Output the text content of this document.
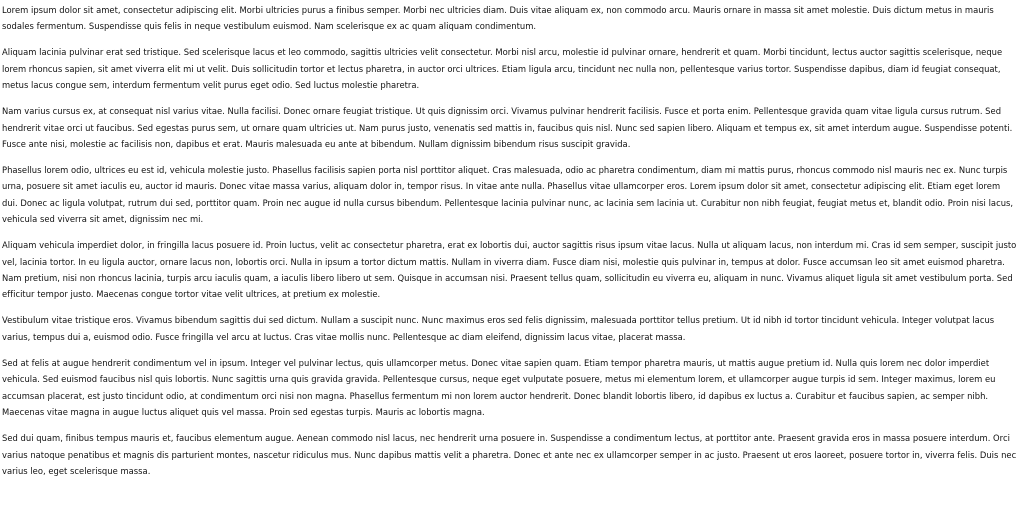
Lorem ipsum dolor sit amet, consectetur adipiscing elit. Morbi ultricies purus a finibus semper. Morbi nec ultricies diam. Duis vitae aliquam ex, non commodo arcu. Mauris ornare in massa sit amet molestie. Duis dictum metus in mauris sodales fermentum. Suspendisse quis felis in neque vestibulum euismod. Nam scelerisque ex ac quam aliquam condimentum.

Aliquam lacinia pulvinar erat sed tristique. Sed scelerisque lacus et leo commodo, sagittis ultricies velit consectetur. Morbi nisl arcu, molestie id pulvinar ornare, hendrerit et quam. Morbi tincidunt, lectus auctor sagittis scelerisque, neque lorem rhoncus sapien, sit amet viverra elit mi ut velit. Duis sollicitudin tortor et lectus pharetra, in auctor orci ultrices. Etiam ligula arcu, tincidunt nec nulla non, pellentesque varius tortor. Suspendisse dapibus, diam id feugiat consequat, metus lacus congue sem, interdum fermentum velit purus eget odio. Sed luctus molestie pharetra.

Nam varius cursus ex, at consequat nisl varius vitae. Nulla facilisi. Donec ornare feugiat tristique. Ut quis dignissim orci. Vivamus pulvinar hendrerit facilisis. Fusce et porta enim. Pellentesque gravida quam vitae ligula cursus rutrum. Sed hendrerit vitae orci ut faucibus. Sed egestas purus sem, ut ornare quam ultricies ut. Nam purus justo, venenatis sed mattis in, faucibus quis nisl. Nunc sed sapien libero. Aliquam et tempus ex, sit amet interdum augue. Suspendisse potenti. Fusce ante nisi, molestie ac facilisis non, dapibus et erat. Mauris malesuada eu ante at bibendum. Nullam dignissim bibendum risus suscipit gravida.

Phasellus lorem odio, ultrices eu est id, vehicula molestie justo. Phasellus facilisis sapien porta nisl porttitor aliquet. Cras malesuada, odio ac pharetra condimentum, diam mi mattis purus, rhoncus commodo nisl mauris nec ex. Nunc turpis urna, posuere sit amet iaculis eu, auctor id mauris. Donec vitae massa varius, aliquam dolor in, tempor risus. In vitae ante nulla. Phasellus vitae ullamcorper eros. Lorem ipsum dolor sit amet, consectetur adipiscing elit. Etiam eget lorem dui. Donec ac ligula volutpat, rutrum dui sed, porttitor quam. Proin nec augue id nulla cursus bibendum. Pellentesque lacinia pulvinar nunc, ac lacinia sem lacinia ut. Curabitur non nibh feugiat, feugiat metus et, blandit odio. Proin nisi lacus, vehicula sed viverra sit amet, dignissim nec mi.

Aliquam vehicula imperdiet dolor, in fringilla lacus posuere id. Proin luctus, velit ac consectetur pharetra, erat ex lobortis dui, auctor sagittis risus ipsum vitae lacus. Nulla ut aliquam lacus, non interdum mi. Cras id sem semper, suscipit justo vel, lacinia tortor. In eu ligula auctor, ornare lacus non, lobortis orci. Nulla in ipsum a tortor dictum mattis. Nullam in viverra diam. Fusce diam nisi, molestie quis pulvinar in, tempus at dolor. Fusce accumsan leo sit amet euismod pharetra. Nam pretium, nisi non rhoncus lacinia, turpis arcu iaculis quam, a iaculis libero libero ut sem. Quisque in accumsan nisi. Praesent tellus quam, sollicitudin eu viverra eu, aliquam in nunc. Vivamus aliquet ligula sit amet vestibulum porta. Sed efficitur tempor justo. Maecenas congue tortor vitae velit ultrices, at pretium ex molestie.

Vestibulum vitae tristique eros. Vivamus bibendum sagittis dui sed dictum. Nullam a suscipit nunc. Nunc maximus eros sed felis dignissim, malesuada porttitor tellus pretium. Ut id nibh id tortor tincidunt vehicula. Integer volutpat lacus varius, tempus dui a, euismod odio. Fusce fringilla vel arcu at luctus. Cras vitae mollis nunc. Pellentesque ac diam eleifend, dignissim lacus vitae, placerat massa.

Sed at felis at augue hendrerit condimentum vel in ipsum. Integer vel pulvinar lectus, quis ullamcorper metus. Donec vitae sapien quam. Etiam tempor pharetra mauris, ut mattis augue pretium id. Nulla quis lorem nec dolor imperdiet vehicula. Sed euismod faucibus nisl quis lobortis. Nunc sagittis urna quis gravida gravida. Pellentesque cursus, neque eget vulputate posuere, metus mi elementum lorem, et ullamcorper augue turpis id sem. Integer maximus, lorem eu accumsan placerat, est justo tincidunt odio, at condimentum orci nisi non magna. Phasellus fermentum mi non lorem auctor hendrerit. Donec blandit lobortis libero, id dapibus ex luctus a. Curabitur et faucibus sapien, ac semper nibh. Maecenas vitae magna in augue luctus aliquet quis vel massa. Proin sed egestas turpis. Mauris ac lobortis magna.

Sed dui quam, finibus tempus mauris et, faucibus elementum augue. Aenean commodo nisl lacus, nec hendrerit urna posuere in. Suspendisse a condimentum lectus, at porttitor ante. Praesent gravida eros in massa posuere interdum. Orci varius natoque penatibus et magnis dis parturient montes, nascetur ridiculus mus. Nunc dapibus mattis velit a pharetra. Donec et ante nec ex ullamcorper semper in ac justo. Praesent ut eros laoreet, posuere tortor in, viverra felis. Duis nec varius leo, eget scelerisque massa.
